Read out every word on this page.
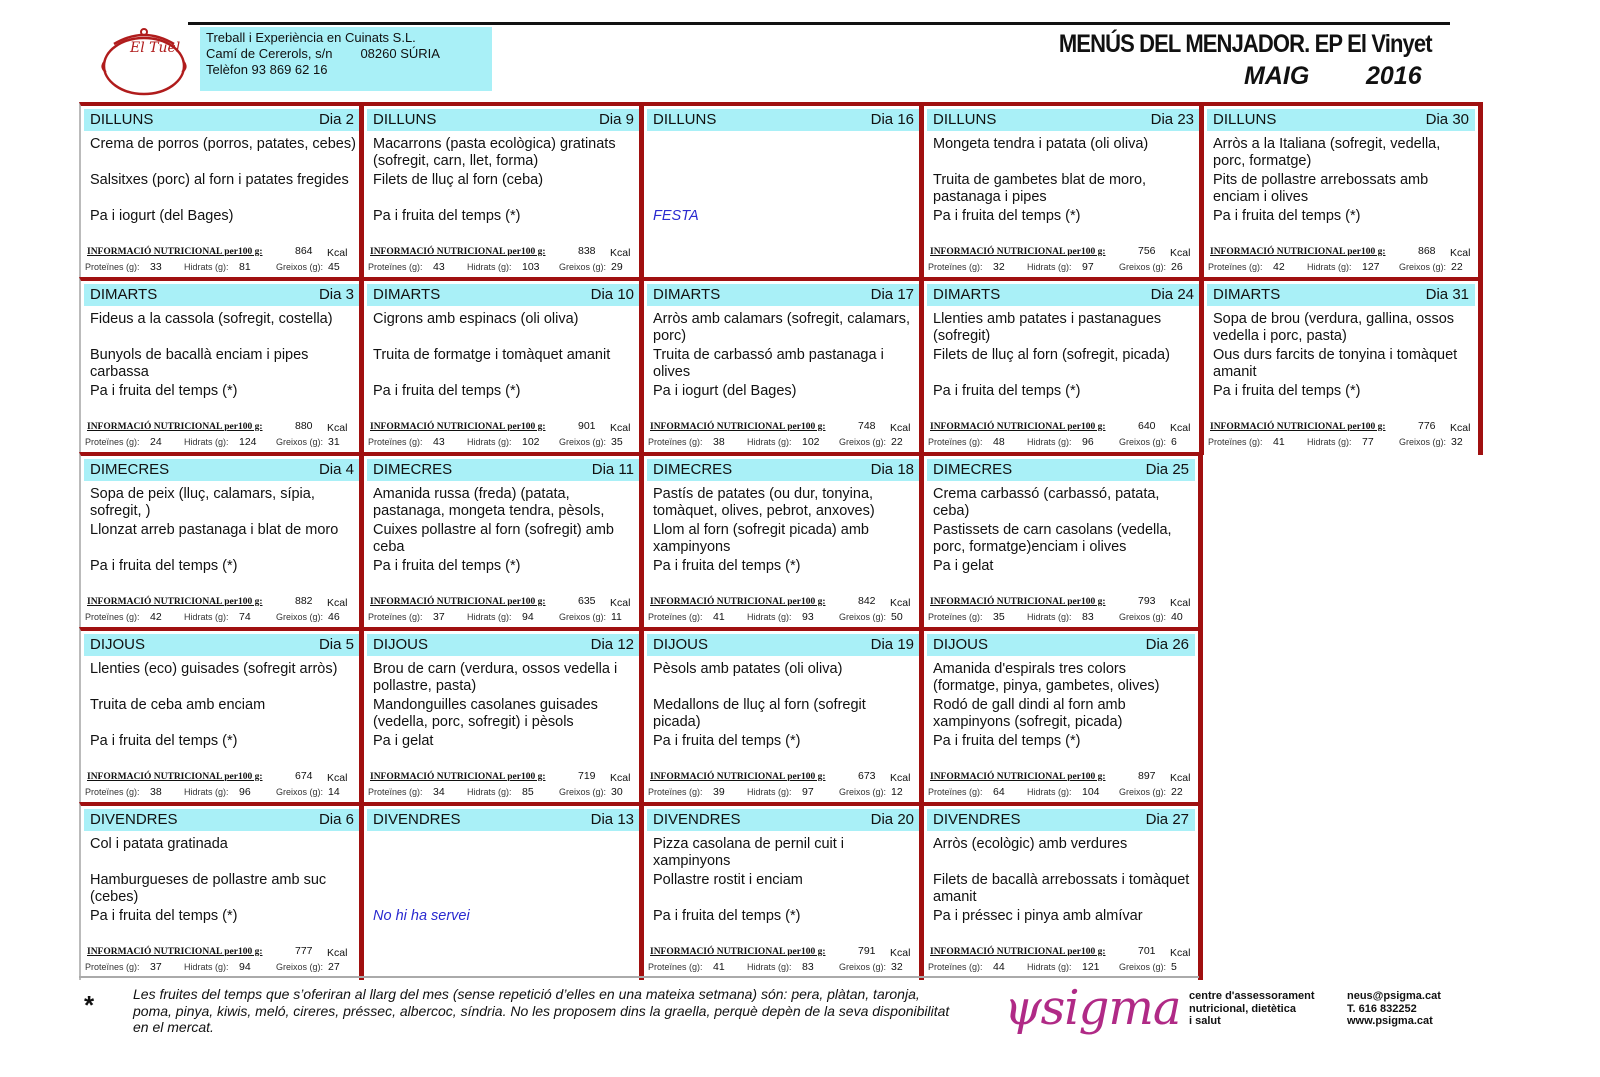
El Tuel
Treball i Experiència en Cuinats S.L.
Camí de Cererols, s/n 08260 SÚRIA
Telèfon 93 869 62 16
MENÚS DEL MENJADOR. EP El Vinyet
MAIG 2016
DILLUNS	Dia 2
Crema de porros (porros, patates, cebes)
Salsitxes (porc) al forn i patates fregides
Pa i iogurt (del Bages)
INFORMACIÓ NUTRICIONAL per100 g:	864 Kcal
Proteïnes (g): 33 Hidrats (g): 81	Greixos (g): 45
DILLUNS	Dia 9
Macarrons (pasta ecològica) gratinats (sofregit, carn, llet, forma)
Filets de lluç al forn (ceba)
Pa i fruita del temps (*)
INFORMACIÓ NUTRICIONAL per100 g:	838 Kcal
Proteïnes (g): 43 Hidrats (g): 103 Greixos (g): 29
DILLUNS	Dia 16
FESTA
DILLUNS	Dia 23
Mongeta tendra i patata (oli oliva)
Truita de gambetes blat de moro, pastanaga i pipes
Pa i fruita del temps (*)
INFORMACIÓ NUTRICIONAL per100 g:	756 Kcal
Proteïnes (g): 32 Hidrats (g): 97	Greixos (g): 26
DILLUNS	Dia 30
Arròs a la Italiana (sofregit, vedella, porc, formatge)
Pits de pollastre arrebossats amb enciam i olives
Pa i fruita del temps (*)
INFORMACIÓ NUTRICIONAL per100 g:	868 Kcal
Proteïnes (g): 42 Hidrats (g): 127 Greixos (g): 22
DIMARTS	Dia 3
Fideus a la cassola (sofregit, costella)
Bunyols de bacallà enciam i pipes carbassa
Pa i fruita del temps (*)
INFORMACIÓ NUTRICIONAL per100 g:	880 Kcal
Proteïnes (g): 24 Hidrats (g): 124 Greixos (g): 31
DIMARTS	Dia 10
Cigrons amb espinacs (oli oliva)
Truita de formatge i tomàquet amanit
Pa i fruita del temps (*)
INFORMACIÓ NUTRICIONAL per100 g:	901 Kcal
Proteïnes (g): 43 Hidrats (g): 102 Greixos (g): 35
DIMARTS	Dia 17
Arròs amb calamars (sofregit, calamars, porc)
Truita de carbassó amb pastanaga i olives
Pa i iogurt (del Bages)
INFORMACIÓ NUTRICIONAL per100 g:	748 Kcal
Proteïnes (g): 38 Hidrats (g): 102 Greixos (g): 22
DIMARTS	Dia 24
Llenties amb patates i pastanagues (sofregit)
Filets de lluç al forn (sofregit, picada)
Pa i fruita del temps (*)
INFORMACIÓ NUTRICIONAL per100 g:	640 Kcal
Proteïnes (g): 48 Hidrats (g): 96	Greixos (g): 6
DIMARTS	Dia 31
Sopa de brou (verdura, gallina, ossos vedella i porc, pasta)
Ous durs farcits de tonyina i tomàquet amanit
Pa i fruita del temps (*)
INFORMACIÓ NUTRICIONAL per100 g:	776 Kcal
Proteïnes (g): 41 Hidrats (g): 77	Greixos (g): 32
DIMECRES	Dia 4
Sopa de peix (lluç, calamars, sípia, sofregit, )
Llonzat arreb pastanaga i blat de moro
Pa i fruita del temps (*)
INFORMACIÓ NUTRICIONAL per100 g:	882 Kcal
Proteïnes (g): 42 Hidrats (g): 74	Greixos (g): 46
DIMECRES	Dia 11
Amanida russa (freda) (patata, pastanaga, mongeta tendra, pèsols,
Cuixes pollastre al forn (sofregit) amb ceba
Pa i fruita del temps (*)
INFORMACIÓ NUTRICIONAL per100 g:	635 Kcal
Proteïnes (g): 37 Hidrats (g): 94	Greixos (g): 11
DIMECRES	Dia 18
Pastís de patates (ou dur, tonyina, tomàquet, olives, pebrot, anxoves)
Llom al forn (sofregit picada) amb xampinyons
Pa i fruita del temps (*)
INFORMACIÓ NUTRICIONAL per100 g:	842 Kcal
Proteïnes (g): 41 Hidrats (g): 93	Greixos (g): 50
DIMECRES	Dia 25
Crema carbassó (carbassó, patata, ceba)
Pastissets de carn casolans (vedella, porc, formatge)enciam i olives
Pa i gelat
INFORMACIÓ NUTRICIONAL per100 g:	793 Kcal
Proteïnes (g): 35 Hidrats (g): 83	Greixos (g): 40
DIJOUS	Dia 5
Llenties (eco) guisades (sofregit arròs)
Truita de ceba amb enciam
Pa i fruita del temps (*)
INFORMACIÓ NUTRICIONAL per100 g:	674 Kcal
Proteïnes (g): 38 Hidrats (g): 96	Greixos (g): 14
DIJOUS	Dia 12
Brou de carn (verdura, ossos vedella i pollastre, pasta)
Mandonguilles casolanes guisades (vedella, porc, sofregit) i pèsols
Pa i gelat
INFORMACIÓ NUTRICIONAL per100 g:	719 Kcal
Proteïnes (g): 34 Hidrats (g): 85	Greixos (g): 30
DIJOUS	Dia 19
Pèsols amb patates (oli oliva)
Medallons de lluç al forn (sofregit picada)
Pa i fruita del temps (*)
INFORMACIÓ NUTRICIONAL per100 g:	673 Kcal
Proteïnes (g): 39 Hidrats (g): 97	Greixos (g): 12
DIJOUS	Dia 26
Amanida d'espirals tres colors (formatge, pinya, gambetes, olives)
Rodó de gall dindi al forn amb xampinyons (sofregit, picada)
Pa i fruita del temps (*)
INFORMACIÓ NUTRICIONAL per100 g:	897 Kcal
Proteïnes (g): 64 Hidrats (g): 104 Greixos (g): 22
DIVENDRES	Dia 6
Col i patata gratinada
Hamburgueses de pollastre amb suc (cebes)
Pa i fruita del temps (*)
INFORMACIÓ NUTRICIONAL per100 g:	777 Kcal
Proteïnes (g): 37 Hidrats (g): 94	Greixos (g): 27
DIVENDRES	Dia 13
No hi ha servei
DIVENDRES	Dia 20
Pizza casolana de pernil cuit i xampinyons
Pollastre rostit i enciam
Pa i fruita del temps (*)
INFORMACIÓ NUTRICIONAL per100 g:	791 Kcal
Proteïnes (g): 41 Hidrats (g): 83	Greixos (g): 32
DIVENDRES	Dia 27
Arròs (ecològic) amb verdures
Filets de bacallà arrebossats i tomàquet amanit
Pa i préssec i pinya amb almívar
INFORMACIÓ NUTRICIONAL per100 g:	701 Kcal
Proteïnes (g): 44 Hidrats (g): 121 Greixos (g): 5
*	Les fruites del temps que s’oferiran al llarg del mes (sense repetició d’elles en una mateixa setmana) són: pera, plàtan, taronja, poma, pinya, kiwis, meló, cireres, préssec, albercoc, síndria. No les proposem dins la graella, perquè depèn de la seva disponibilitat en el mercat.	ψsigma centre d'assessorament
nutricional, dietètica
i salut
neus@psigma.cat
T. 616 832252
www.psigma.cat
